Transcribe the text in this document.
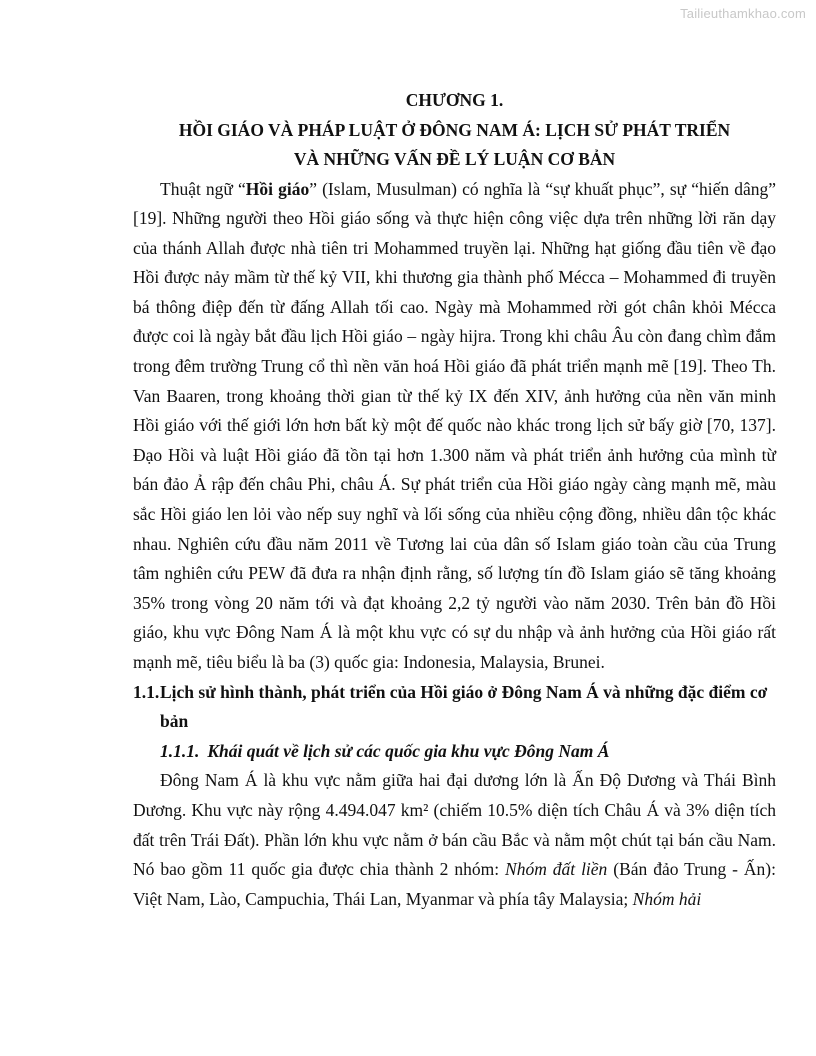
Tailieuthamkhao.com

CHƯƠNG 1.

HỒI GIÁO VÀ PHÁP LUẬT Ở ĐÔNG NAM Á: LỊCH SỬ PHÁT TRIỂN

VÀ NHỮNG VẤN ĐỀ LÝ LUẬN CƠ BẢN

Thuật ngữ “Hồi giáo” (Islam, Musulman) có nghĩa là “sự khuất phục”, sự “hiến dâng” [19]. Những người theo Hồi giáo sống và thực hiện công việc dựa trên những lời răn dạy của thánh Allah được nhà tiên tri Mohammed truyền lại. Những hạt giống đầu tiên về đạo Hồi được nảy mầm từ thế kỷ VII, khi thương gia thành phố Mécca – Mohammed đi truyền bá thông điệp đến từ đấng Allah tối cao. Ngày mà Mohammed rời gót chân khỏi Mécca được coi là ngày bắt đầu lịch Hồi giáo – ngày hijra. Trong khi châu Âu còn đang chìm đắm trong đêm trường Trung cổ thì nền văn hoá Hồi giáo đã phát triển mạnh mẽ [19]. Theo Th. Van Baaren, trong khoảng thời gian từ thế kỷ IX đến XIV, ảnh hưởng của nền văn minh Hồi giáo với thế giới lớn hơn bất kỳ một đế quốc nào khác trong lịch sử bấy giờ [70, 137]. Đạo Hồi và luật Hồi giáo đã tồn tại hơn 1.300 năm và phát triển ảnh hưởng của mình từ bán đảo Ả rập đến châu Phi, châu Á. Sự phát triển của Hồi giáo ngày càng mạnh mẽ, màu sắc Hồi giáo len lỏi vào nếp suy nghĩ và lối sống của nhiều cộng đồng, nhiều dân tộc khác nhau. Nghiên cứu đầu năm 2011 về Tương lai của dân số Islam giáo toàn cầu của Trung tâm nghiên cứu PEW đã đưa ra nhận định rằng, số lượng tín đồ Islam giáo sẽ tăng khoảng 35% trong vòng 20 năm tới và đạt khoảng 2,2 tỷ người vào năm 2030. Trên bản đồ Hồi giáo, khu vực Đông Nam Á là một khu vực có sự du nhập và ảnh hưởng của Hồi giáo rất mạnh mẽ, tiêu biểu là ba (3) quốc gia: Indonesia, Malaysia, Brunei.

1.1. Lịch sử hình thành, phát triển của Hồi giáo ở Đông Nam Á và những đặc điểm cơ bản

1.1.1. Khái quát về lịch sử các quốc gia khu vực Đông Nam Á

Đông Nam Á là khu vực nằm giữa hai đại dương lớn là Ấn Độ Dương và Thái Bình Dương. Khu vực này rộng 4.494.047 km² (chiếm 10.5% diện tích Châu Á và 3% diện tích đất trên Trái Đất). Phần lớn khu vực nằm ở bán cầu Bắc và nằm một chút tại bán cầu Nam. Nó bao gồm 11 quốc gia được chia thành 2 nhóm: Nhóm đất liền (Bán đảo Trung - Ấn): Việt Nam, Lào, Campuchia, Thái Lan, Myanmar và phía tây Malaysia; Nhóm hải
